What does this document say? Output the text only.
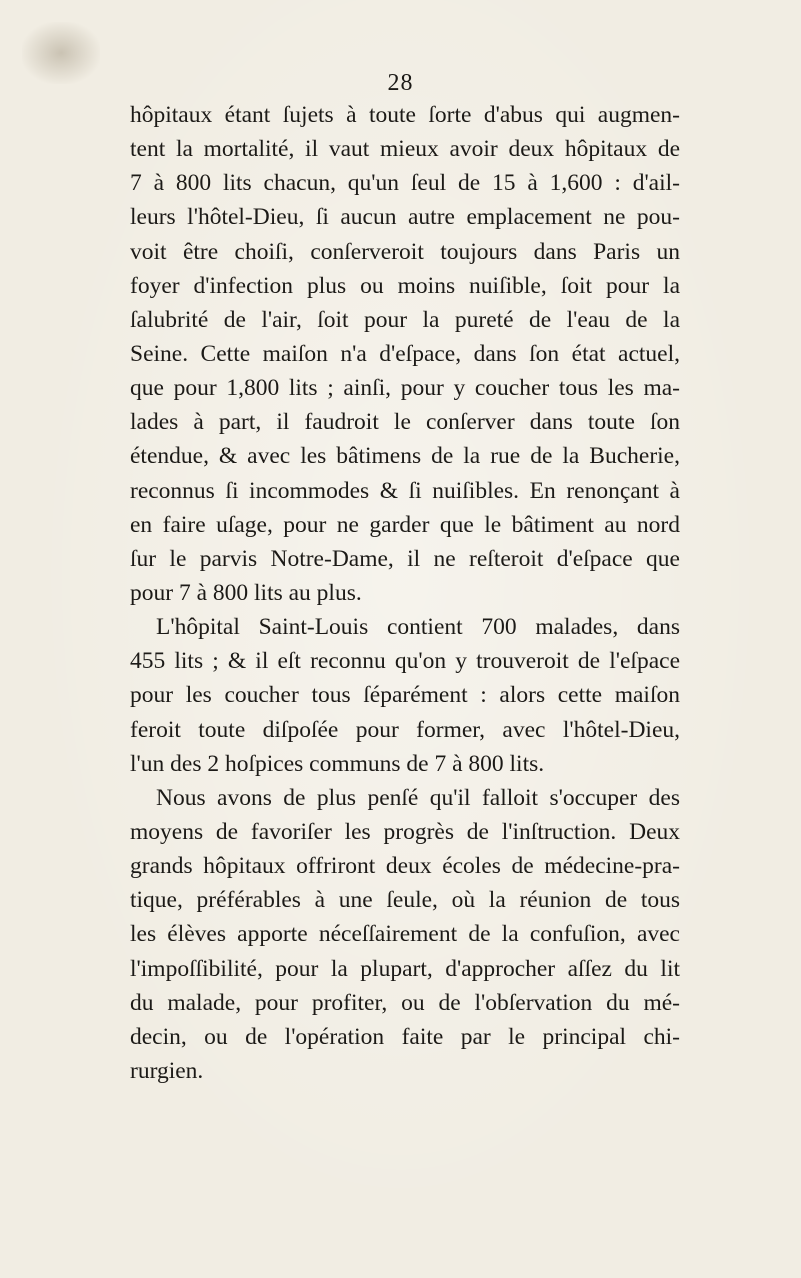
28
hôpitaux étant ſujets à toute ſorte d'abus qui augmen-
tent la mortalité, il vaut mieux avoir deux hôpitaux de
7 à 800 lits chacun, qu'un ſeul de 15 à 1,600 : d'ail-
leurs l'hôtel-Dieu, ſi aucun autre emplacement ne pou-
voit être choiſi, conſerveroit toujours dans Paris un
foyer d'infection plus ou moins nuiſible, ſoit pour la
ſalubrité de l'air, ſoit pour la pureté de l'eau de la
Seine. Cette maiſon n'a d'eſpace, dans ſon état actuel,
que pour 1,800 lits ; ainſi, pour y coucher tous les ma-
lades à part, il faudroit le conſerver dans toute ſon
étendue, & avec les bâtimens de la rue de la Bucherie,
reconnus ſi incommodes & ſi nuiſibles. En renonçant à
en faire uſage, pour ne garder que le bâtiment au nord
ſur le parvis Notre-Dame, il ne reſteroit d'eſpace que
pour 7 à 800 lits au plus.
L'hôpital Saint-Louis contient 700 malades, dans
455 lits ; & il eſt reconnu qu'on y trouveroit de l'eſpace
pour les coucher tous ſéparément : alors cette maiſon
feroit toute diſpoſée pour former, avec l'hôtel-Dieu,
l'un des 2 hoſpices communs de 7 à 800 lits.
Nous avons de plus penſé qu'il falloit s'occuper des
moyens de favoriſer les progrès de l'inſtruction. Deux
grands hôpitaux offriront deux écoles de médecine-pra-
tique, préférables à une ſeule, où la réunion de tous
les élèves apporte néceſſairement de la confuſion, avec
l'impoſſibilité, pour la plupart, d'approcher aſſez du lit
du malade, pour profiter, ou de l'obſervation du mé-
decin, ou de l'opération faite par le principal chi-
rurgien.
